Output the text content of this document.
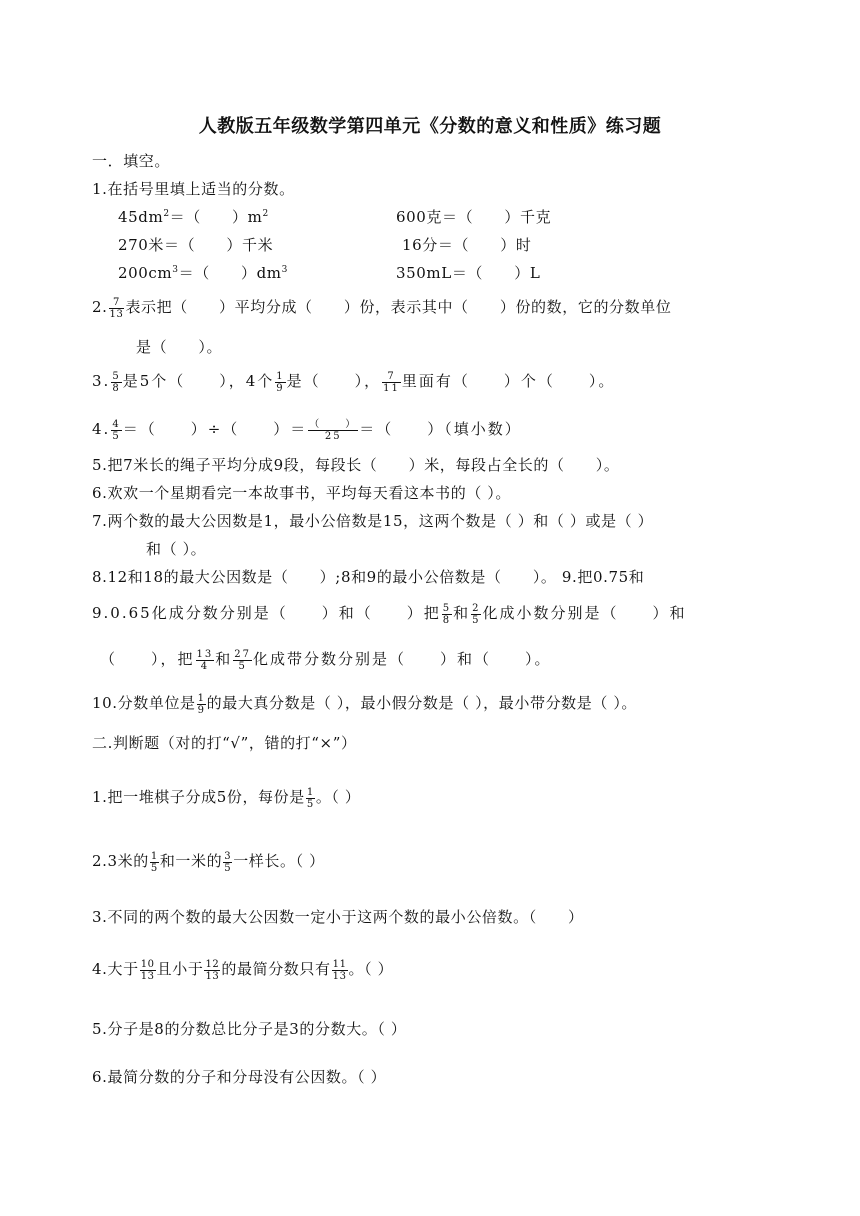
人教版五年级数学第四单元《分数的意义和性质》练习题
一．填空。
1.在括号里填上适当的分数。
$45dm^2=$（　　）$m^2$	600克＝（　　）千克
270米＝（　　）千米	16分＝（　　）时
$200cm^3=$（　　）$dm^3$	350mL＝（　　）L
2. $\frac{7}{13}$ 表示把（　　）平均分成（　　）份，表示其中（　　）份的数，它的分数单位
是（　　）。
3. $\frac{5}{8}$ 是5个（　　），4个 $\frac{1}{9}$ 是（　　）， $\frac{7}{11}$ 里面有（　　）个（　　）。
4. $\frac{4}{5}$ ＝（　　）÷（　　）＝ $\frac{( )}{25}$ ＝（　　）（填小数）
5.把7米长的绳子平均分成9段，每段长（　　）米，每段占全长的（　　）。
6.欢欢一个星期看完一本故事书，平均每天看这本书的（ ）。
7.两个数的最大公因数是1，最小公倍数是15，这两个数是（ ）和（ ）或是（ ）
和（ ）。
8.12和18的最大公因数是（　　）;8和9的最小公倍数是（　　）。 9.把0.75和
9.0.65化成分数分别是（　　）和（　　）把 $\frac{5}{8}$ 和 $\frac{2}{5}$ 化成小数分别是（　　）和
（　　），把 $\frac{13}{4}$ 和 $\frac{27}{5}$ 化成带分数分别是（　　）和（　　）。
10.分数单位是 $\frac{1}{9}$ 的最大真分数是（ ），最小假分数是（ ），最小带分数是（ ）。
二.判断题（对的打“√”，错的打“×”）
1.把一堆棋子分成5份，每份是 $\frac{1}{5}$ 。（ ）
2.3米的 $\frac{1}{5}$ 和一米的 $\frac{3}{5}$ 一样长。（ ）
3.不同的两个数的最大公因数一定小于这两个数的最小公倍数。（　　）
4.大于 $\frac{10}{13}$ 且小于 $\frac{12}{13}$ 的最简分数只有 $\frac{11}{13}$ 。（ ）
5.分子是8的分数总比分子是3的分数大。（ ）
6.最简分数的分子和分母没有公因数。（ ）
